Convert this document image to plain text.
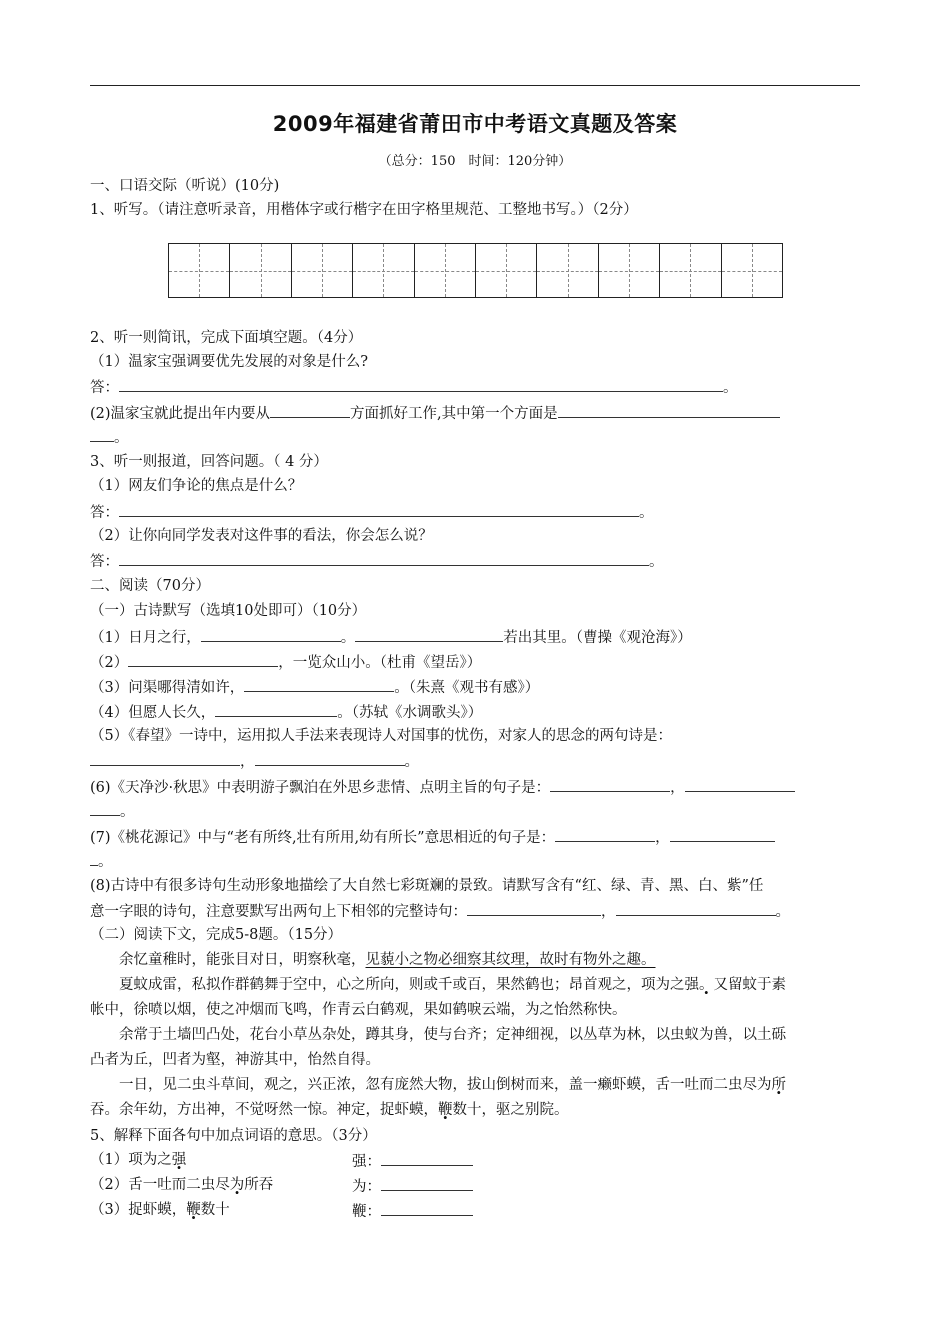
2009年福建省莆田市中考语文真题及答案
（总分：150　时间：120分钟）
一、口语交际（听说）(10分)
1、听写。（请注意听录音，用楷体字或行楷字在田字格里规范、工整地书写。）（2分）
2、听一则简讯，完成下面填空题。（4分）
（1）温家宝强调要优先发展的对象是什么?
答：	。
(2)温家宝就此提出年内要从	方面抓好工作,其中第一个方面是
。
3、听一则报道，回答问题。（ 4 分）
（1）网友们争论的焦点是什么？
答：	。
（2）让你向同学发表对这件事的看法，你会怎么说？
答：	。
二、阅读（70分）
（一）古诗默写（选填10处即可）（10分）
（1）日月之行，	。	若出其里。（曹操《观沧海》）
（2）	，一览众山小。（杜甫《望岳》）
（3）问渠哪得清如许，	。（朱熹《观书有感》）
（4）但愿人长久，	。（苏轼《水调歌头》）
（5）《春望》一诗中，运用拟人手法来表现诗人对国事的忧伤，对家人的思念的两句诗是：
，	。
(6)《天净沙·秋思》中表明游子飘泊在外思乡悲情、点明主旨的句子是：	，
。
(7)《桃花源记》中与“老有所终,壮有所用,幼有所长”意思相近的句子是：	，
。
(8)古诗中有很多诗句生动形象地描绘了大自然七彩斑斓的景致。请默写含有“红、绿、青、黑、白、紫”任
意一字眼的诗句，注意要默写出两句上下相邻的完整诗句：	，	。
（二）阅读下文，完成5-8题。（15分）
余忆童稚时，能张目对日，明察秋毫，见藐小之物必细察其纹理，故时有物外之趣。
夏蚊成雷，私拟作群鹤舞于空中，心之所向，则或千或百，果然鹤也；昂首观之，项为之强。又留蚊于素
帐中，徐喷以烟，使之冲烟而飞鸣，作青云白鹤观，果如鹤唳云端，为之怡然称快。
余常于土墙凹凸处，花台小草丛杂处，蹲其身，使与台齐；定神细视，以丛草为林，以虫蚁为兽，以土砾
凸者为丘，凹者为壑，神游其中，怡然自得。
一日，见二虫斗草间，观之，兴正浓，忽有庞然大物，拔山倒树而来，盖一癞虾蟆，舌一吐而二虫尽为所
吞。余年幼，方出神，不觉呀然一惊。神定，捉虾蟆，鞭数十，驱之别院。
5、解释下面各句中加点词语的意思。（3分）
（1）项为之强	强：
（2）舌一吐而二虫尽为所吞	为：
（3）捉虾蟆，鞭数十	鞭：
